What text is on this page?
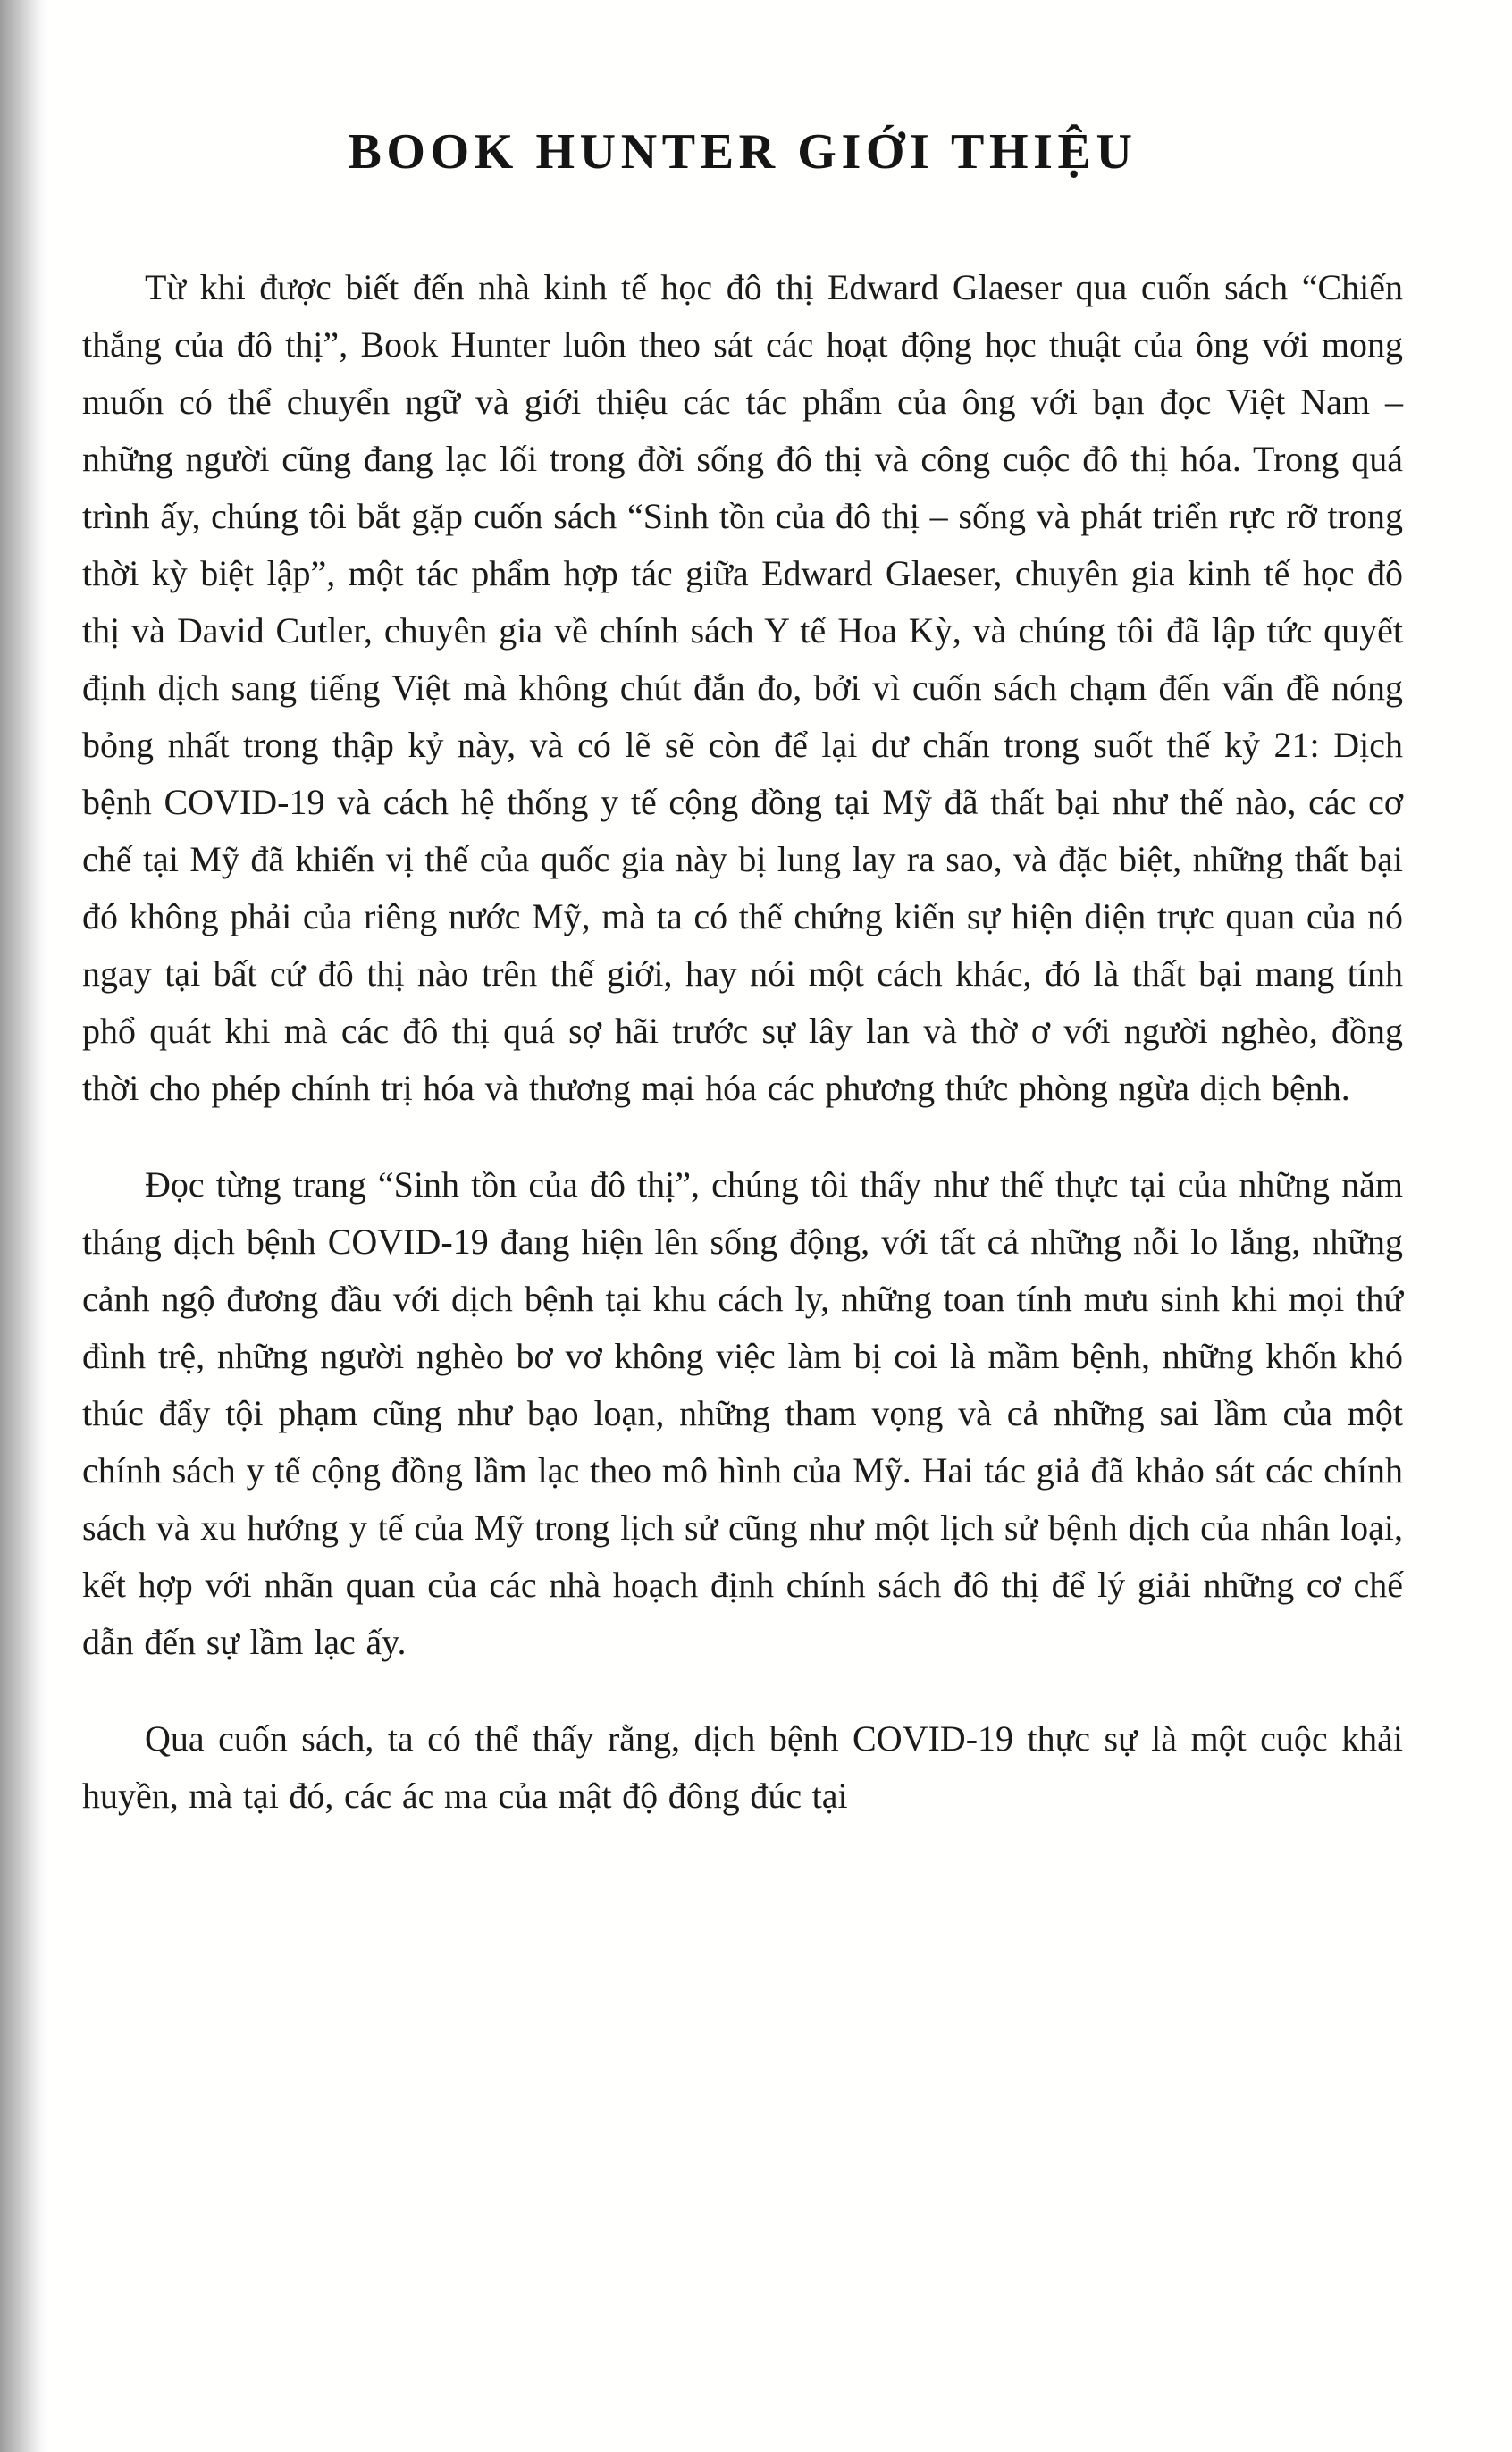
BOOK HUNTER GIỚI THIỆU

Từ khi được biết đến nhà kinh tế học đô thị Edward Glaeser qua cuốn sách “Chiến thắng của đô thị”, Book Hunter luôn theo sát các hoạt động học thuật của ông với mong muốn có thể chuyển ngữ và giới thiệu các tác phẩm của ông với bạn đọc Việt Nam – những người cũng đang lạc lối trong đời sống đô thị và công cuộc đô thị hóa. Trong quá trình ấy, chúng tôi bắt gặp cuốn sách “Sinh tồn của đô thị – sống và phát triển rực rỡ trong thời kỳ biệt lập”, một tác phẩm hợp tác giữa Edward Glaeser, chuyên gia kinh tế học đô thị và David Cutler, chuyên gia về chính sách Y tế Hoa Kỳ, và chúng tôi đã lập tức quyết định dịch sang tiếng Việt mà không chút đắn đo, bởi vì cuốn sách chạm đến vấn đề nóng bỏng nhất trong thập kỷ này, và có lẽ sẽ còn để lại dư chấn trong suốt thế kỷ 21: Dịch bệnh COVID-19 và cách hệ thống y tế cộng đồng tại Mỹ đã thất bại như thế nào, các cơ chế tại Mỹ đã khiến vị thế của quốc gia này bị lung lay ra sao, và đặc biệt, những thất bại đó không phải của riêng nước Mỹ, mà ta có thể chứng kiến sự hiện diện trực quan của nó ngay tại bất cứ đô thị nào trên thế giới, hay nói một cách khác, đó là thất bại mang tính phổ quát khi mà các đô thị quá sợ hãi trước sự lây lan và thờ ơ với người nghèo, đồng thời cho phép chính trị hóa và thương mại hóa các phương thức phòng ngừa dịch bệnh.

Đọc từng trang “Sinh tồn của đô thị”, chúng tôi thấy như thể thực tại của những năm tháng dịch bệnh COVID-19 đang hiện lên sống động, với tất cả những nỗi lo lắng, những cảnh ngộ đương đầu với dịch bệnh tại khu cách ly, những toan tính mưu sinh khi mọi thứ đình trệ, những người nghèo bơ vơ không việc làm bị coi là mầm bệnh, những khốn khó thúc đẩy tội phạm cũng như bạo loạn, những tham vọng và cả những sai lầm của một chính sách y tế cộng đồng lầm lạc theo mô hình của Mỹ. Hai tác giả đã khảo sát các chính sách và xu hướng y tế của Mỹ trong lịch sử cũng như một lịch sử bệnh dịch của nhân loại, kết hợp với nhãn quan của các nhà hoạch định chính sách đô thị để lý giải những cơ chế dẫn đến sự lầm lạc ấy.

Qua cuốn sách, ta có thể thấy rằng, dịch bệnh COVID-19 thực sự là một cuộc khải huyền, mà tại đó, các ác ma của mật độ đông đúc tại
